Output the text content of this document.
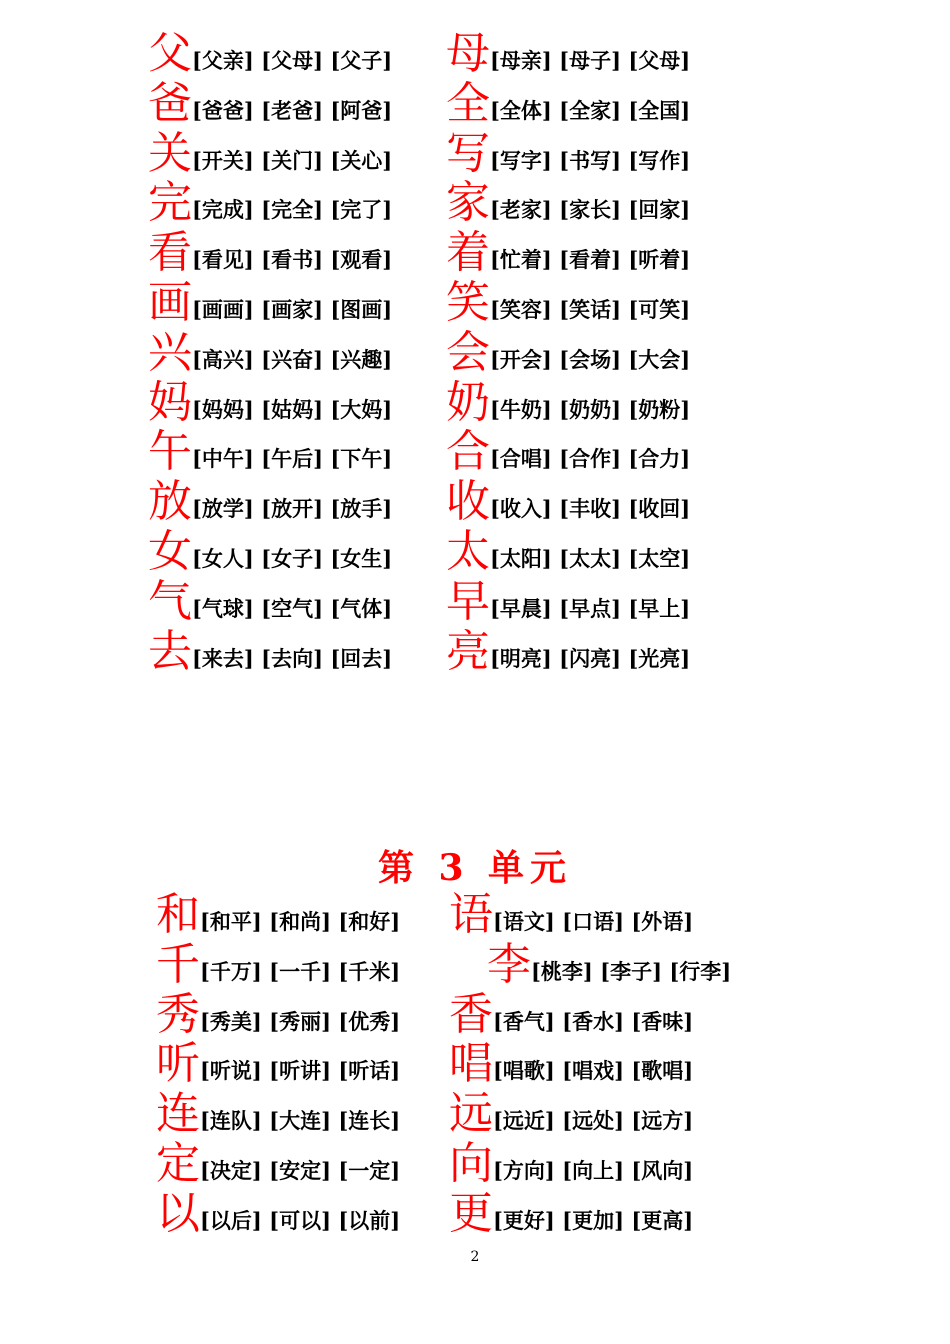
父[父亲] [父母] [父子]
爸[爸爸] [老爸] [阿爸]
关[开关] [关门] [关心]
完[完成] [完全] [完了]
看[看见] [看书] [观看]
画[画画] [画家] [图画]
兴[高兴] [兴奋] [兴趣]
妈[妈妈] [姑妈] [大妈]
午[中午] [午后] [下午]
放[放学] [放开] [放手]
女[女人] [女子] [女生]
气[气球] [空气] [气体]
去[来去] [去向] [回去]
母[母亲] [母子] [父母]
全[全体] [全家] [全国]
写[写字] [书写] [写作]
家[老家] [家长] [回家]
着[忙着] [看着] [听着]
笑[笑容] [笑话] [可笑]
会[开会] [会场] [大会]
奶[牛奶] [奶奶] [奶粉]
合[合唱] [合作] [合力]
收[收入] [丰收] [收回]
太[太阳] [太太] [太空]
早[早晨] [早点] [早上]
亮[明亮] [闪亮] [光亮]
和[和平] [和尚] [和好]
千[千万] [一千] [千米]
秀[秀美] [秀丽] [优秀]
听[听说] [听讲] [听话]
连[连队] [大连] [连长]
定[决定] [安定] [一定]
以[以后] [可以] [以前]
语[语文] [口语] [外语]
李[桃李] [李子] [行李]
香[香气] [香水] [香味]
唱[唱歌] [唱戏] [歌唱]
远[远近] [远处] [远方]
向[方向] [向上] [风向]
更[更好] [更加] [更高]
第 3 单元
2
